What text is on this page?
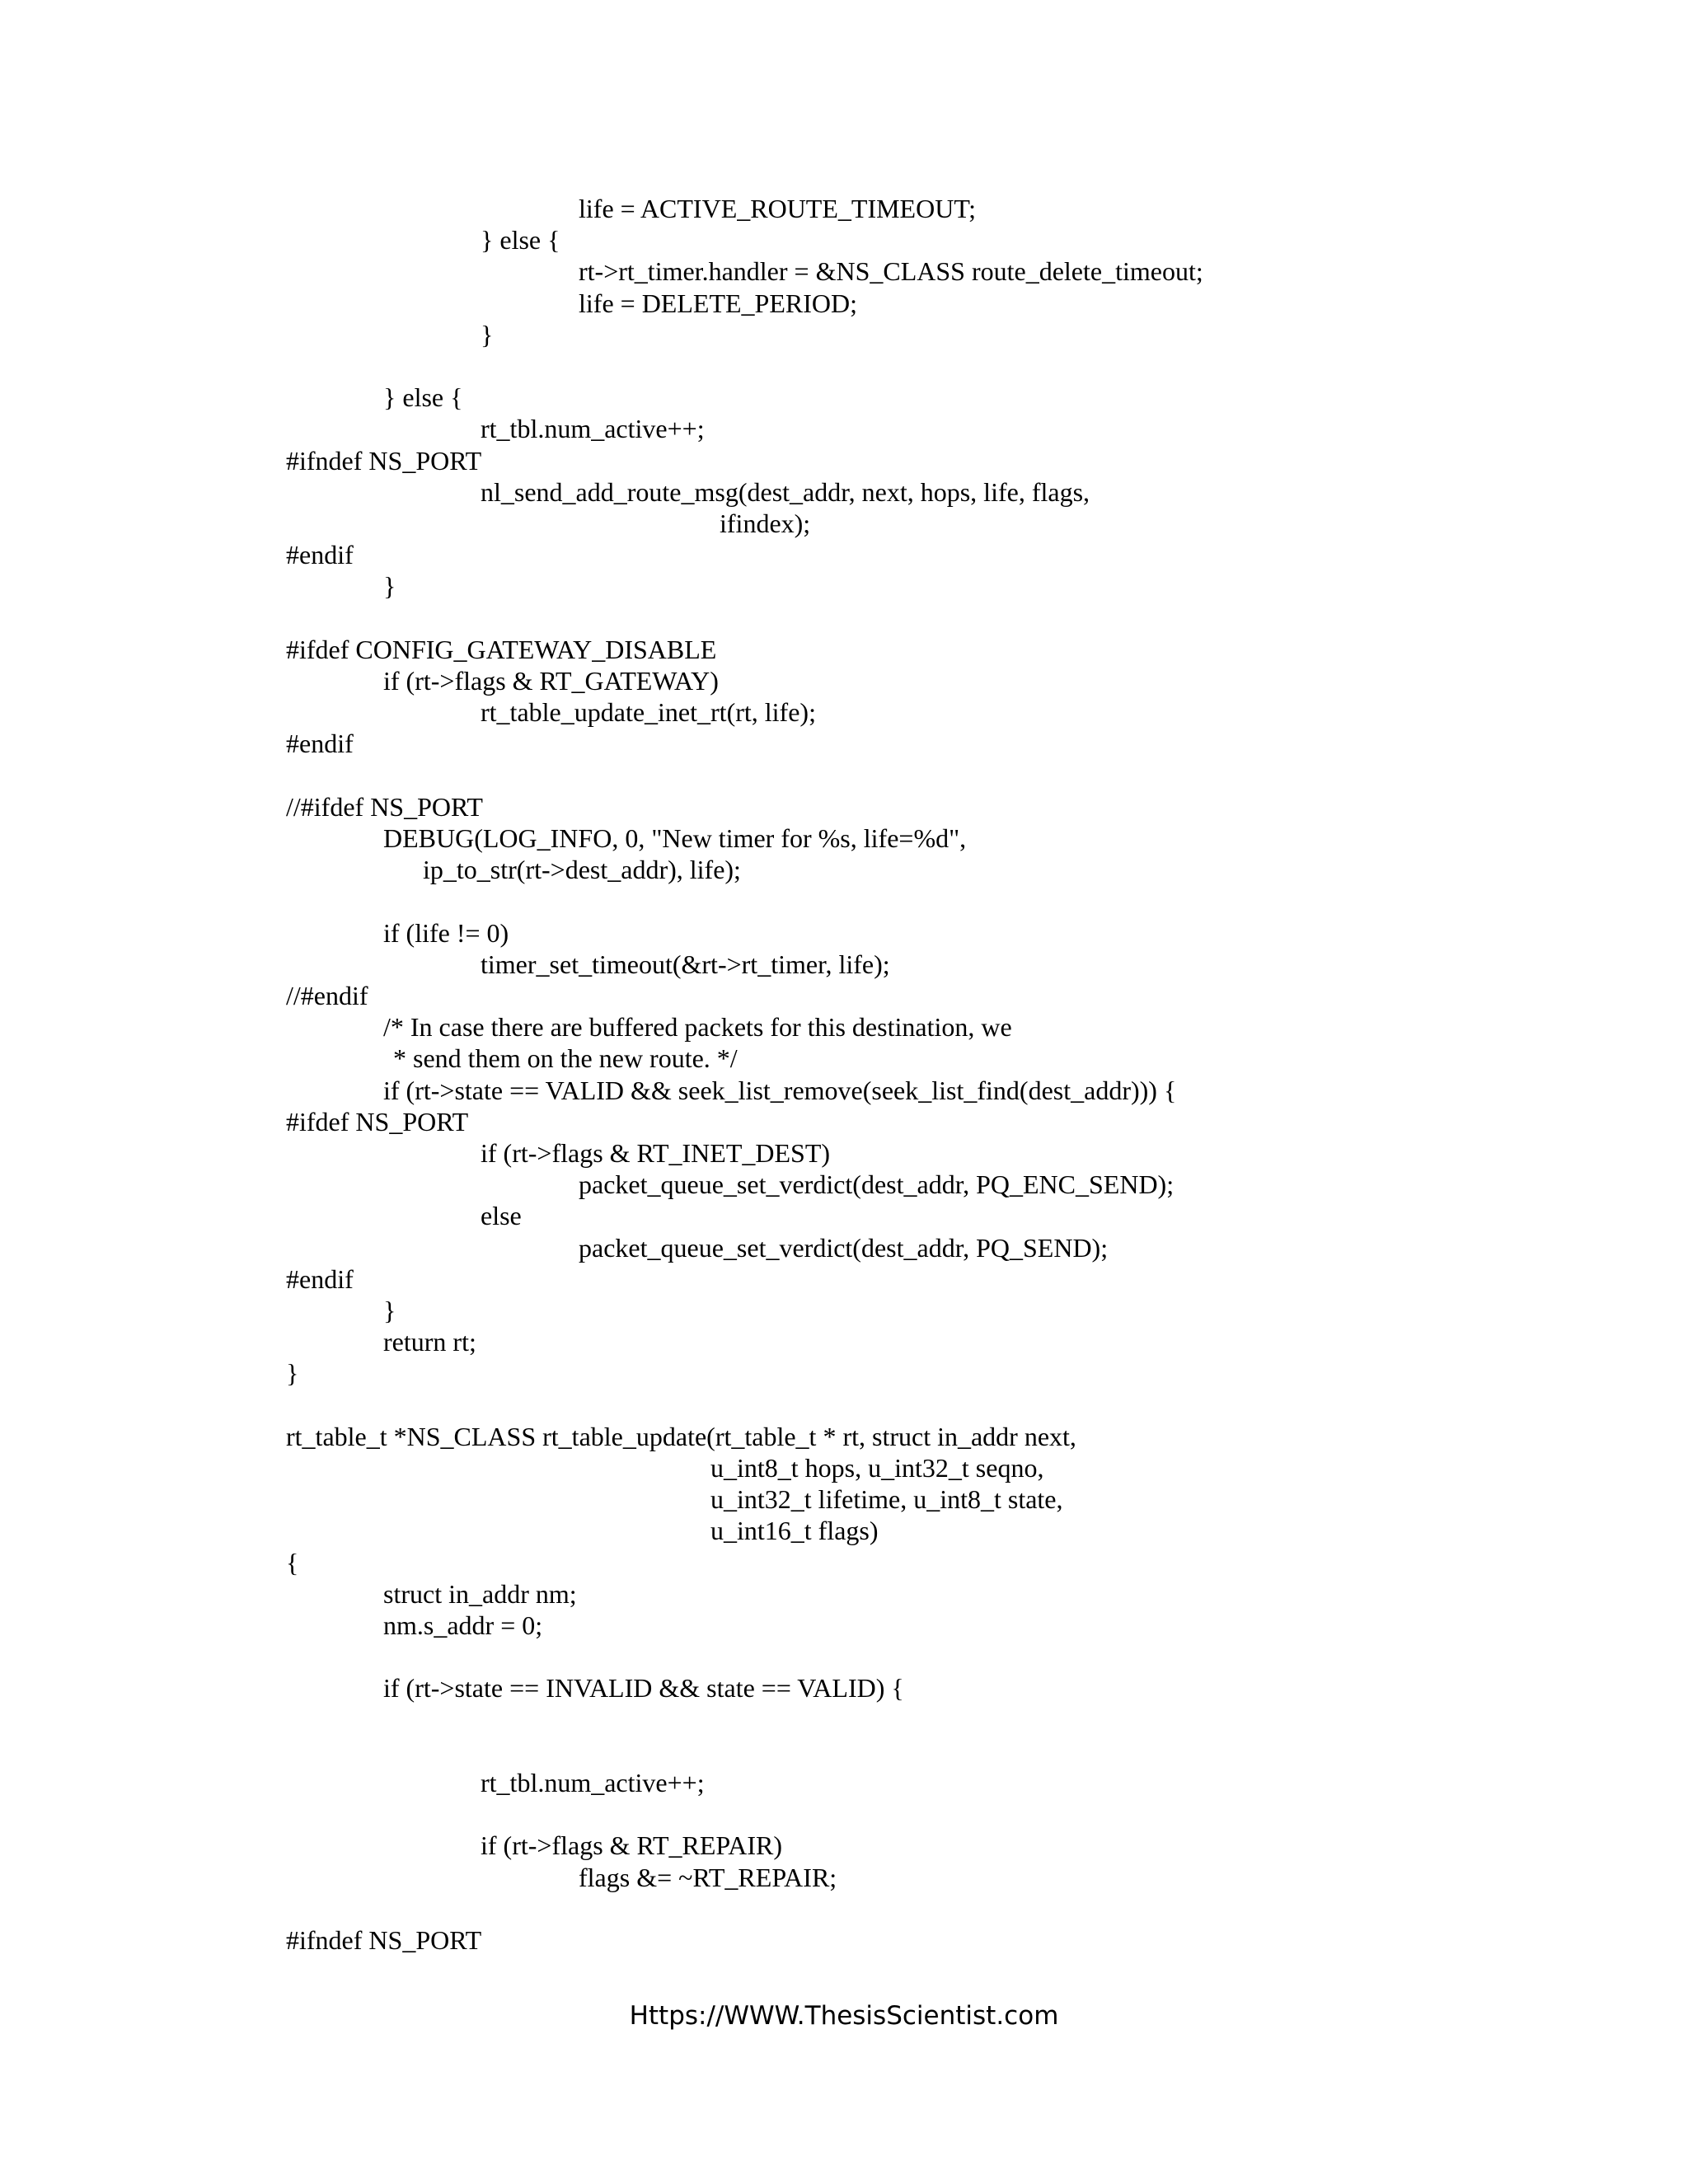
life = ACTIVE_ROUTE_TIMEOUT;
} else {
rt->rt_timer.handler = &NS_CLASS route_delete_timeout;
life = DELETE_PERIOD;
}
} else {
rt_tbl.num_active++;
#ifndef NS_PORT
nl_send_add_route_msg(dest_addr, next, hops, life, flags,
ifindex);
#endif
}
#ifdef CONFIG_GATEWAY_DISABLE
if (rt->flags & RT_GATEWAY)
rt_table_update_inet_rt(rt, life);
#endif
//#ifdef NS_PORT
DEBUG(LOG_INFO, 0, "New timer for %s, life=%d",
ip_to_str(rt->dest_addr), life);
if (life != 0)
timer_set_timeout(&rt->rt_timer, life);
//#endif
/* In case there are buffered packets for this destination, we
* send them on the new route. */
if (rt->state == VALID && seek_list_remove(seek_list_find(dest_addr))) {
#ifdef NS_PORT
if (rt->flags & RT_INET_DEST)
packet_queue_set_verdict(dest_addr, PQ_ENC_SEND);
else
packet_queue_set_verdict(dest_addr, PQ_SEND);
#endif
}
return rt;
}
rt_table_t *NS_CLASS rt_table_update(rt_table_t * rt, struct in_addr next,
u_int8_t hops, u_int32_t seqno,
u_int32_t lifetime, u_int8_t state,
u_int16_t flags)
{
struct in_addr nm;
nm.s_addr = 0;
if (rt->state == INVALID && state == VALID) {
rt_tbl.num_active++;
if (rt->flags & RT_REPAIR)
flags &= ~RT_REPAIR;
#ifndef NS_PORT
Https://WWW.ThesisScientist.com
